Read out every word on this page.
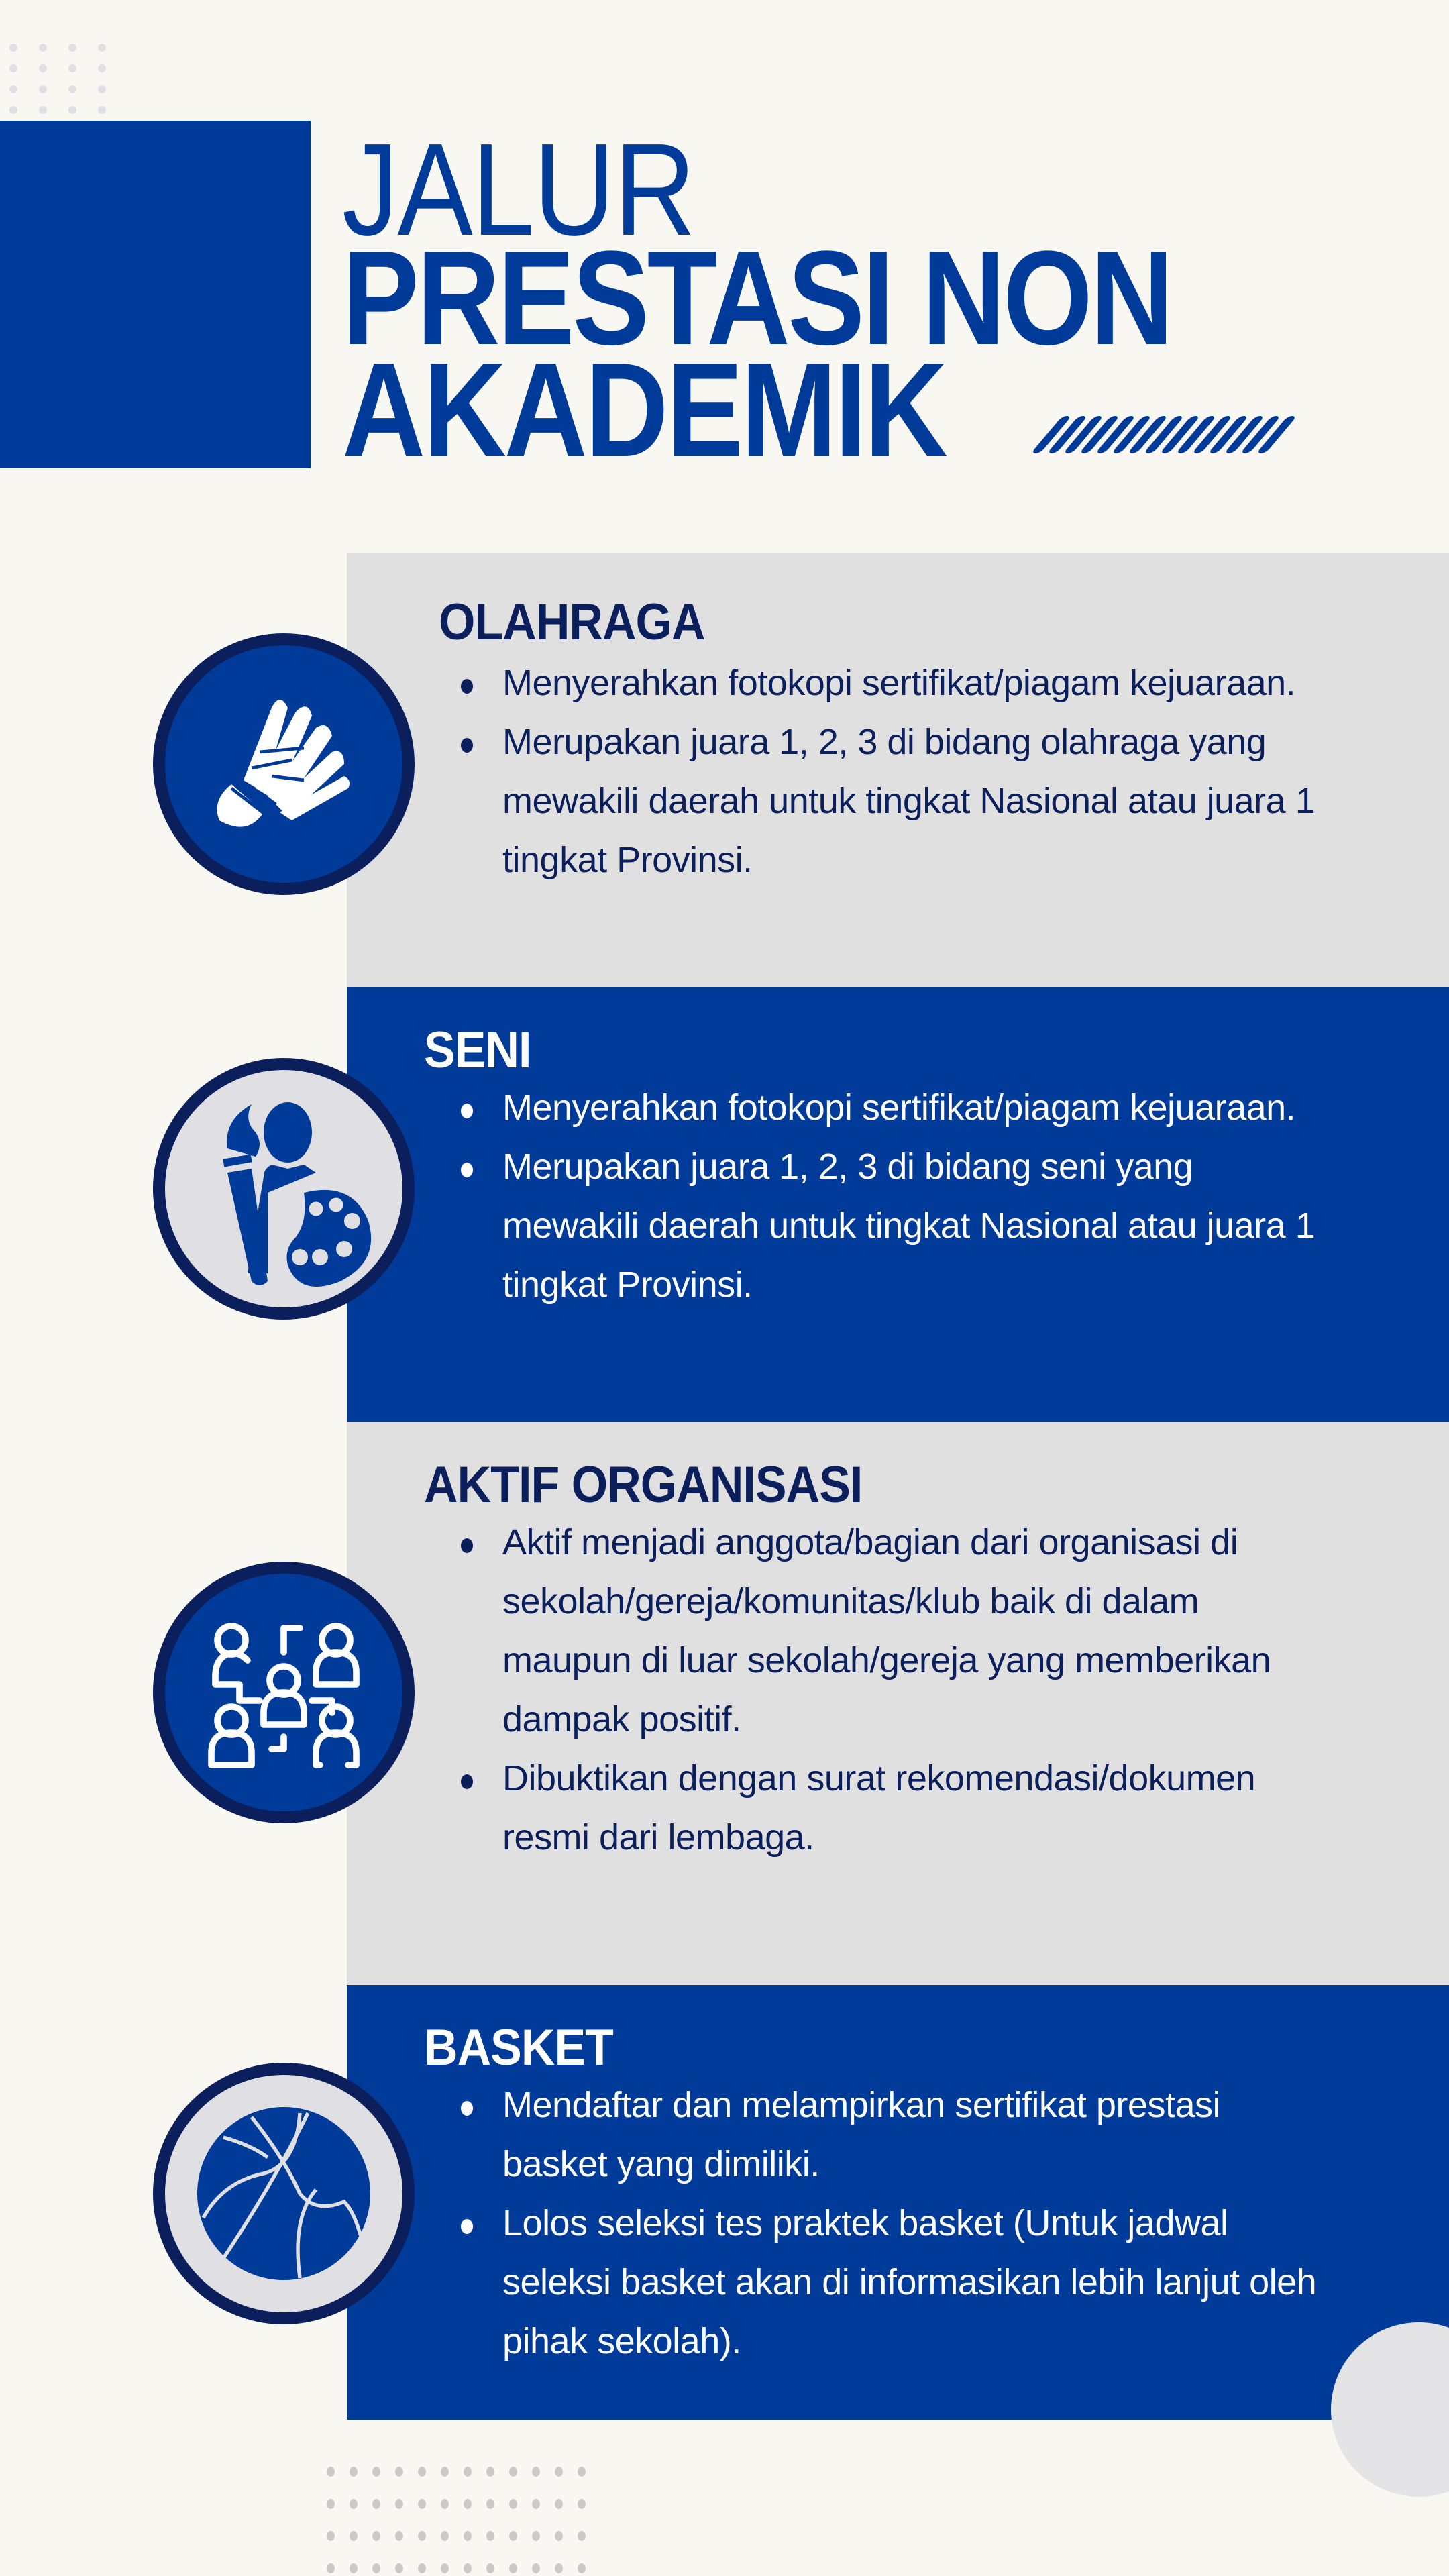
JALUR
PRESTASI NON
AKADEMIK
OLAHRAGA
Menyerahkan fotokopi sertifikat/piagam kejuaraan.
Merupakan juara 1, 2, 3 di bidang olahraga yang mewakili daerah untuk tingkat Nasional atau juara 1 tingkat Provinsi.
SENI
Menyerahkan fotokopi sertifikat/piagam kejuaraan.
Merupakan juara 1, 2, 3 di bidang seni yang mewakili daerah untuk tingkat Nasional atau juara 1 tingkat Provinsi.
AKTIF ORGANISASI
Aktif menjadi anggota/bagian dari organisasi di sekolah/gereja/komunitas/klub baik di dalam maupun di luar sekolah/gereja yang memberikan dampak positif.
Dibuktikan dengan surat rekomendasi/dokumen resmi dari lembaga.
BASKET
Mendaftar dan melampirkan sertifikat prestasi basket yang dimiliki.
Lolos seleksi tes praktek basket (Untuk jadwal seleksi basket akan di informasikan lebih lanjut oleh pihak sekolah).
